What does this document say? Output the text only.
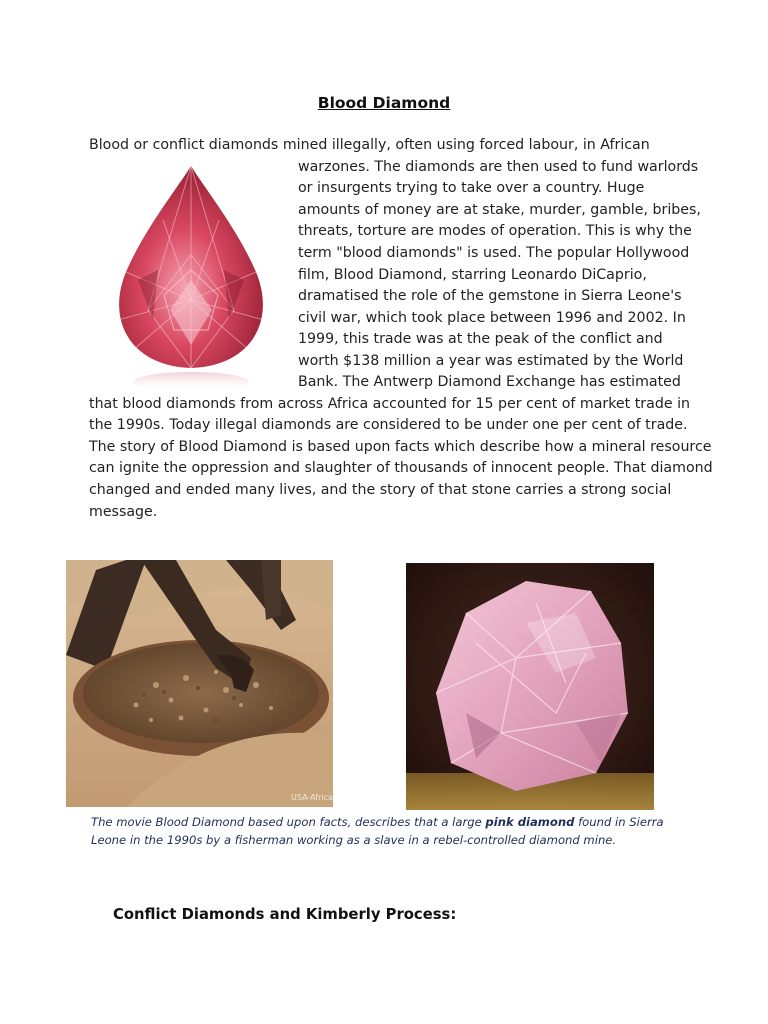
Blood Diamond
Blood or conflict diamonds mined illegally, often using forced labour, in African
warzones. The diamonds are then used to fund warlords
or insurgents trying to take over a country. Huge
amounts of money are at stake, murder, gamble, bribes,
threats, torture are modes of operation. This is why the
term "blood diamonds" is used. The popular Hollywood
film, Blood Diamond, starring Leonardo DiCaprio,
dramatised the role of the gemstone in Sierra Leone's
civil war, which took place between 1996 and 2002. In
1999, this trade was at the peak of the conflict and
worth $138 million a year was estimated by the World
Bank. The Antwerp Diamond Exchange has estimated
that blood diamonds from across Africa accounted for 15 per cent of market trade in
the 1990s. Today illegal diamonds are considered to be under one per cent of trade.
The story of Blood Diamond is based upon facts which describe how a mineral resource
can ignite the oppression and slaughter of thousands of innocent people. That diamond
changed and ended many lives, and the story of that stone carries a strong social
message.
USA-Africa
The movie Blood Diamond based upon facts, describes that a large pink diamond found in Sierra
Leone in the 1990s by a fisherman working as a slave in a rebel-controlled diamond mine.
Conflict Diamonds and Kimberly Process:
